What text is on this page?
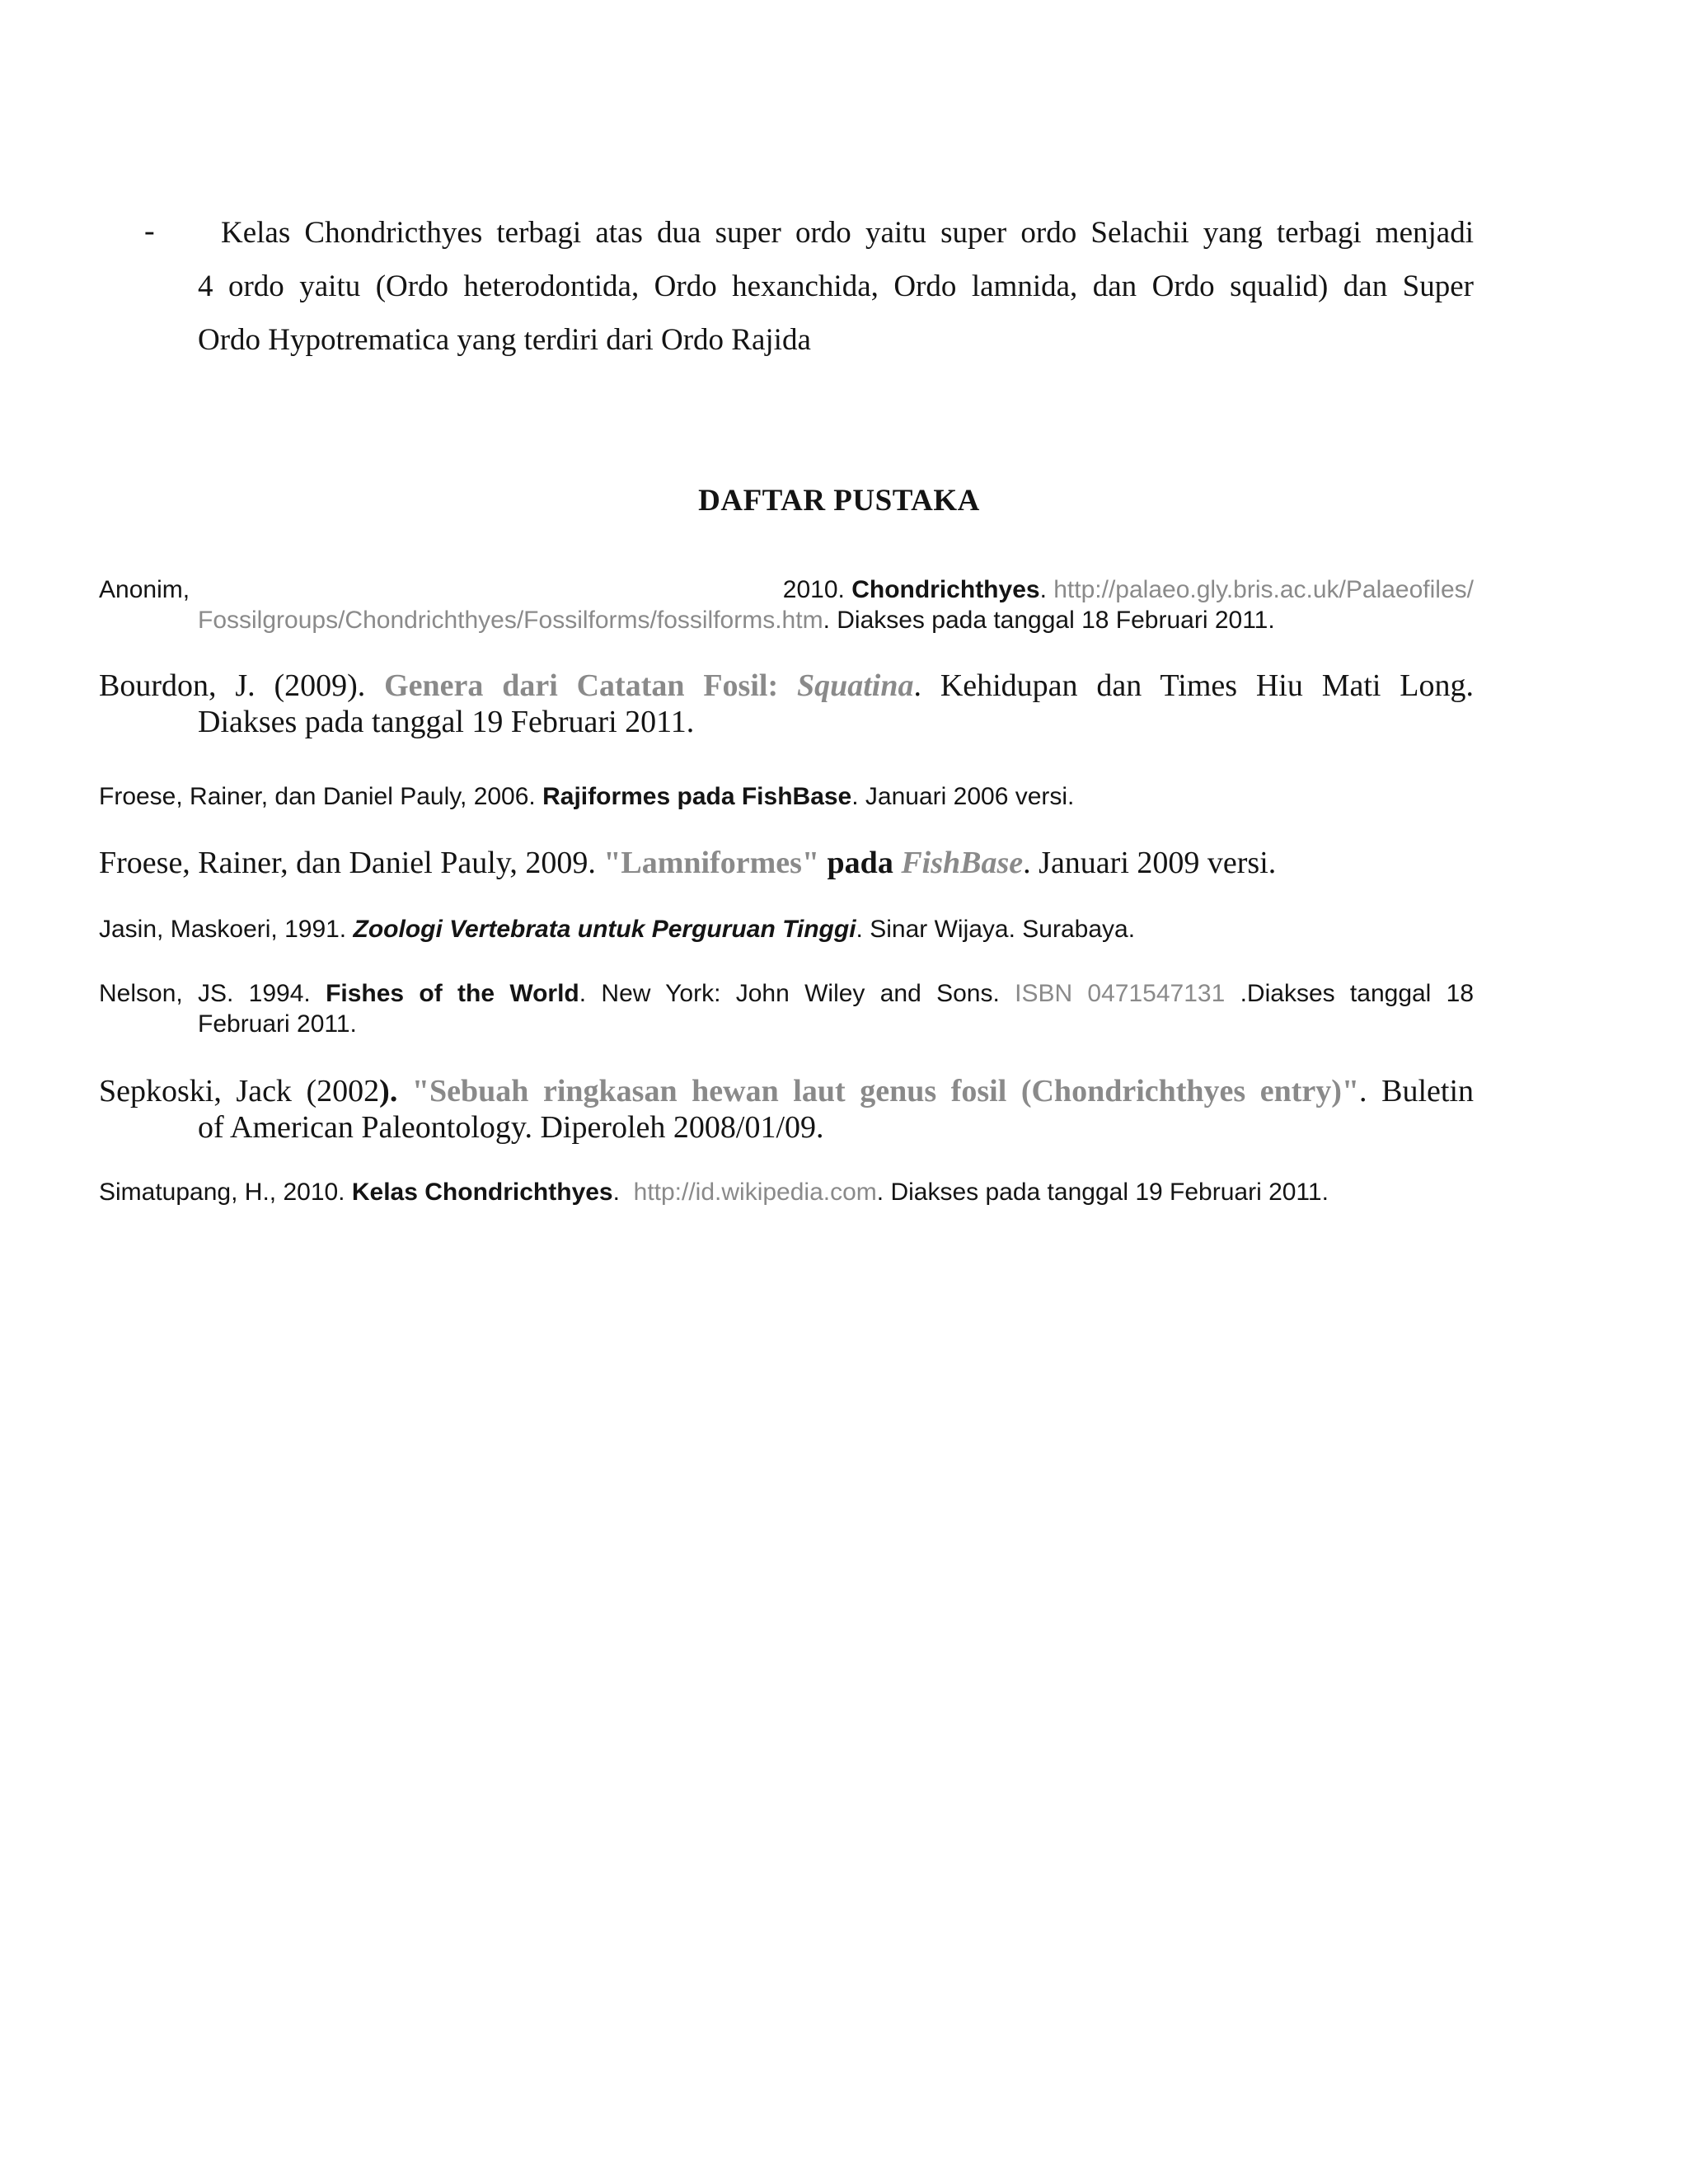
-	Kelas Chondricthyes terbagi atas dua super ordo yaitu super ordo Selachii yang terbagi menjadi
4 ordo yaitu (Ordo heterodontida, Ordo hexanchida, Ordo lamnida, dan Ordo squalid) dan Super
Ordo Hypotrematica yang terdiri dari Ordo Rajida
DAFTAR PUSTAKA
Anonim,	2010. Chondrichthyes. http://palaeo.gly.bris.ac.uk/Palaeofiles/
Fossilgroups/Chondrichthyes/Fossilforms/fossilforms.htm. Diakses pada tanggal 18 Februari 2011.
Bourdon, J. (2009). Genera dari Catatan Fosil: Squatina. Kehidupan dan Times Hiu Mati Long.
Diakses pada tanggal 19 Februari 2011.
Froese, Rainer, dan Daniel Pauly, 2006. Rajiformes pada FishBase. Januari 2006 versi.
Froese, Rainer, dan Daniel Pauly, 2009. "Lamniformes" pada FishBase. Januari 2009 versi.
Jasin, Maskoeri, 1991. Zoologi Vertebrata untuk Perguruan Tinggi. Sinar Wijaya. Surabaya.
Nelson, JS. 1994. Fishes of the World. New York: John Wiley and Sons. ISBN 0471547131 .Diakses tanggal 18
Februari 2011.
Sepkoski, Jack (2002). "Sebuah ringkasan hewan laut genus fosil (Chondrichthyes entry)". Buletin
of American Paleontology. Diperoleh 2008/01/09.
Simatupang, H., 2010. Kelas Chondrichthyes. http://id.wikipedia.com. Diakses pada tanggal 19 Februari 2011.
